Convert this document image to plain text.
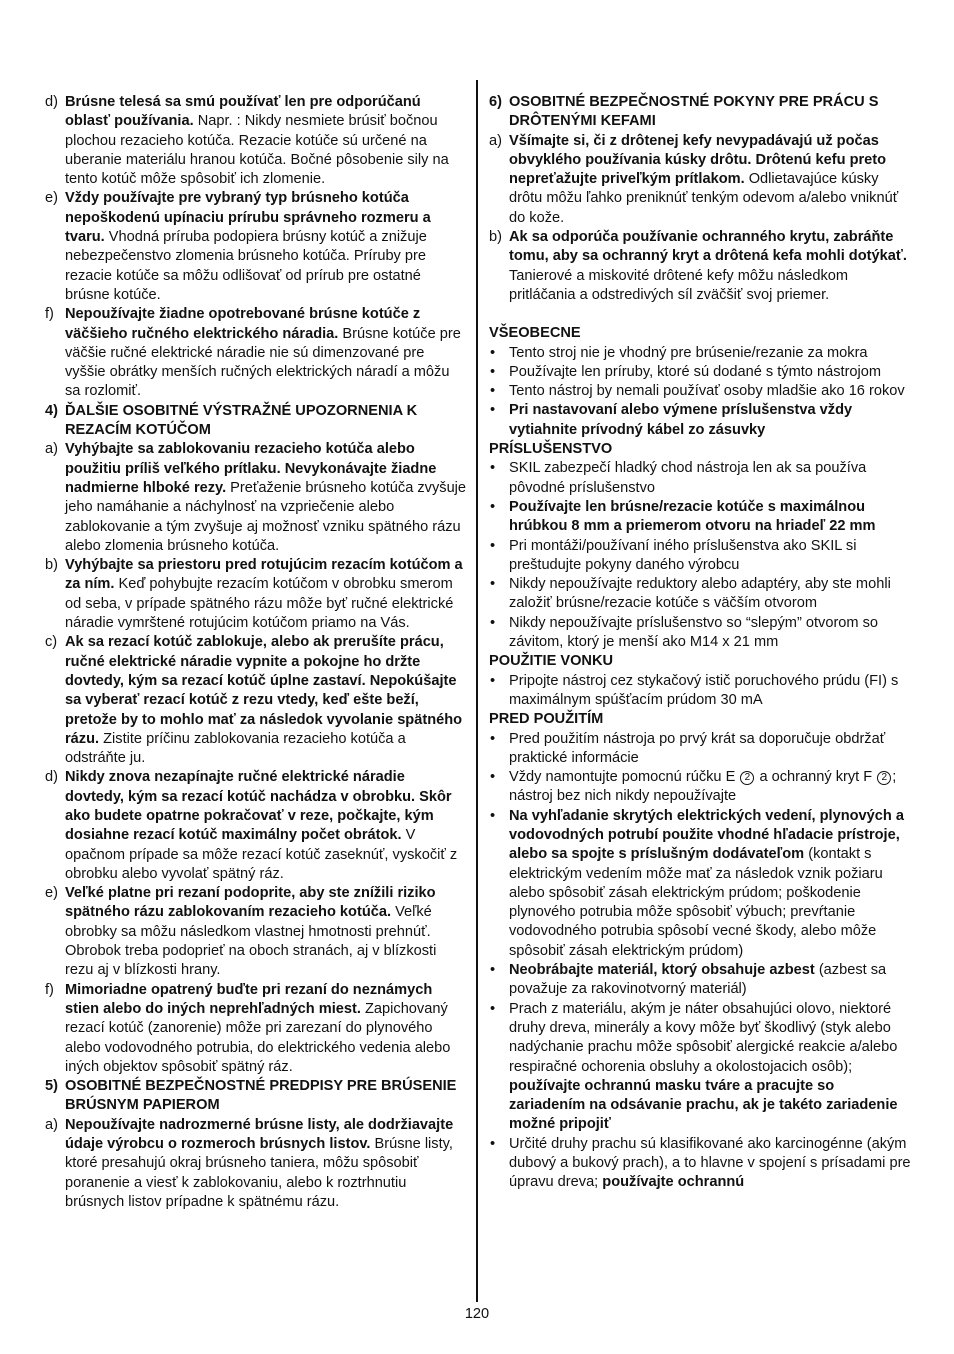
d) Brúsne telesá sa smú používať len pre odporúčanú oblasť používania. Napr. : Nikdy nesmiete brúsiť bočnou plochou rezacieho kotúča. Rezacie kotúče sú určené na uberanie materiálu hranou kotúča. Bočné pôsobenie sily na tento kotúč môže spôsobiť ich zlomenie.
e) Vždy používajte pre vybraný typ brúsneho kotúča nepoškodenú upínaciu prírubu správneho rozmeru a tvaru. Vhodná príruba podopiera brúsny kotúč a znižuje nebezpečenstvo zlomenia brúsneho kotúča. Príruby pre rezacie kotúče sa môžu odlišovať od prírub pre ostatné brúsne kotúče.
f) Nepoužívajte žiadne opotrebované brúsne kotúče z väčšieho ručného elektrického náradia. Brúsne kotúče pre väčšie ručné elektrické náradie nie sú dimenzované pre vyššie obrátky menších ručných elektrických náradí a môžu sa rozlomiť.
4) ĎALŠIE OSOBITNÉ VÝSTRAŽNÉ UPOZORNENIA K REZACÍM KOTÚČOM
a) Vyhýbajte sa zablokovaniu rezacieho kotúča alebo použitiu príliš veľkého prítlaku. Nevykonávajte žiadne nadmierne hlboké rezy. Preťaženie brúsneho kotúča zvyšuje jeho namáhanie a náchylnosť na vzpriečenie alebo zablokovanie a tým zvyšuje aj možnosť vzniku spätného rázu alebo zlomenia brúsneho kotúča.
b) Vyhýbajte sa priestoru pred rotujúcim rezacím kotúčom a za ním. Keď pohybujte rezacím kotúčom v obrobku smerom od seba, v prípade spätného rázu môže byť ručné elektrické náradie vymrštené rotujúcim kotúčom priamo na Vás.
c) Ak sa rezací kotúč zablokuje, alebo ak prerušíte prácu, ručné elektrické náradie vypnite a pokojne ho držte dovtedy, kým sa rezací kotúč úplne zastaví. Nepokúšajte sa vyberať rezací kotúč z rezu vtedy, keď ešte beží, pretože by to mohlo mať za následok vyvolanie spätného rázu. Zistite príčinu zablokovania rezacieho kotúča a odstráňte ju.
d) Nikdy znova nezapínajte ručné elektrické náradie dovtedy, kým sa rezací kotúč nachádza v obrobku. Skôr ako budete opatrne pokračovať v reze, počkajte, kým dosiahne rezací kotúč maximálny počet obrátok. V opačnom prípade sa môže rezací kotúč zaseknúť, vyskočiť z obrobku alebo vyvolať spätný ráz.
e) Veľké platne pri rezaní podoprite, aby ste znížili riziko spätného rázu zablokovaním rezacieho kotúča. Veľké obrobky sa môžu následkom vlastnej hmotnosti prehnúť. Obrobok treba podoprieť na oboch stranách, aj v blízkosti rezu aj v blízkosti hrany.
f) Mimoriadne opatrený buďte pri rezaní do neznámych stien alebo do iných neprehľadných miest. Zapichovaný rezací kotúč (zanorenie) môže pri zarezaní do plynového alebo vodovodného potrubia, do elektrického vedenia alebo iných objektov spôsobiť spätný ráz.
5) OSOBITNÉ BEZPEČNOSTNÉ PREDPISY PRE BRÚSENIE BRÚSNYM PAPIEROM
a) Nepoužívajte nadrozmerné brúsne listy, ale dodržiavajte údaje výrobcu o rozmeroch brúsnych listov. Brúsne listy, ktoré presahujú okraj brúsneho taniera, môžu spôsobiť poranenie a viesť k zablokovaniu, alebo k roztrhnutiu brúsnych listov prípadne k spätnému rázu.
6) OSOBITNÉ BEZPEČNOSTNÉ POKYNY PRE PRÁCU S DRÔTENÝMI KEFAMI
a) Všímajte si, či z drôtenej kefy nevypadávajú už počas obvyklého používania kúsky drôtu. Drôtenú kefu preto nepreťažujte priveľkým prítlakom. Odlietavajúce kúsky drôtu môžu ľahko preniknúť tenkým odevom a/alebo vniknúť do kože.
b) Ak sa odporúča používanie ochranného krytu, zabráňte tomu, aby sa ochranný kryt a drôtená kefa mohli dotýkať. Tanierové a miskovité drôtené kefy môžu následkom pritláčania a odstredivých síl zväčšiť svoj priemer.
VŠEOBECNE
• Tento stroj nie je vhodný pre brúsenie/rezanie za mokra
• Používajte len príruby, ktoré sú dodané s týmto nástrojom
• Tento nástroj by nemali používať osoby mladšie ako 16 rokov
• Pri nastavovaní alebo výmene príslušenstva vždy vytiahnite prívodný kábel zo zásuvky
PRÍSLUŠENSTVO
• SKIL zabezpečí hladký chod nástroja len ak sa používa pôvodné príslušenstvo
• Používajte len brúsne/rezacie kotúče s maximálnou hrúbkou 8 mm a priemerom otvoru na hriadeľ 22 mm
• Pri montáži/používaní iného príslušenstva ako SKIL si preštudujte pokyny daného výrobcu
• Nikdy nepoužívajte reduktory alebo adaptéry, aby ste mohli založiť brúsne/rezacie kotúče s väčším otvorom
• Nikdy nepoužívajte príslušenstvo so “slepým” otvorom so závitom, ktorý je menší ako M14 x 21 mm
POUŽITIE VONKU
• Pripojte nástroj cez stykačový istič poruchového prúdu (FI) s maximálnym spúšťacím prúdom 30 mA
PRED POUŽITÍM
• Pred použitím nástroja po prvý krát sa doporučuje obdržať praktické informácie
• Vždy namontujte pomocnú rúčku E 2 a ochranný kryt F 2 ; nástroj bez nich nikdy nepoužívajte
• Na vyhľadanie skrytých elektrických vedení, plynových a vodovodných potrubí použite vhodné hľadacie prístroje, alebo sa spojte s príslušným dodávateľom (kontakt s elektrickým vedením môže mať za následok vznik požiaru alebo spôsobiť zásah elektrickým prúdom; poškodenie plynového potrubia môže spôsobiť výbuch; prevŕtanie vodovodného potrubia spôsobí vecné škody, alebo môže spôsobiť zásah elektrickým prúdom)
• Neobrábajte materiál, ktorý obsahuje azbest (azbest sa považuje za rakovinotvorný materiál)
• Prach z materiálu, akým je náter obsahujúci olovo, niektoré druhy dreva, minerály a kovy môže byť škodlivý (styk alebo nadýchanie prachu môže spôsobiť alergické reakcie a/alebo respiračné ochorenia obsluhy a okolostojacich osôb); používajte ochrannú masku tváre a pracujte so zariadením na odsávanie prachu, ak je takéto zariadenie možné pripojiť
• Určité druhy prachu sú klasifikované ako karcinogénne (akým dubový a bukový prach), a to hlavne v spojení s prísadami pre úpravu dreva; používajte ochrannú
120
